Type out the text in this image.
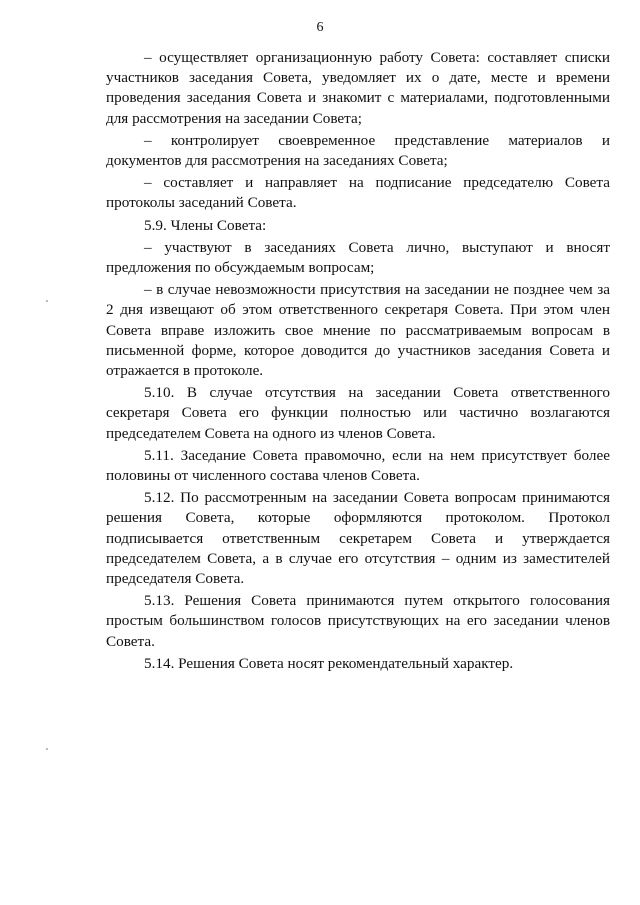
6

– осуществляет организационную работу Совета: составляет списки участников заседания Совета, уведомляет их о дате, месте и времени проведения заседания Совета и знакомит с материалами, подготовленными для рассмотрения на заседании Совета;

– контролирует своевременное представление материалов и документов для рассмотрения на заседаниях Совета;

– составляет и направляет на подписание председателю Совета протоколы заседаний Совета.

5.9. Члены Совета:

– участвуют в заседаниях Совета лично, выступают и вносят предложения по обсуждаемым вопросам;

– в случае невозможности присутствия на заседании не позднее чем за 2 дня извещают об этом ответственного секретаря Совета. При этом член Совета вправе изложить свое мнение по рассматриваемым вопросам в письменной форме, которое доводится до участников заседания Совета и отражается в протоколе.

5.10. В случае отсутствия на заседании Совета ответственного секретаря Совета его функции полностью или частично возлагаются председателем Совета на одного из членов Совета.

5.11. Заседание Совета правомочно, если на нем присутствует более половины от численного состава членов Совета.

5.12. По рассмотренным на заседании Совета вопросам принимаются решения Совета, которые оформляются протоколом. Протокол подписывается ответственным секретарем Совета и утверждается председателем Совета, а в случае его отсутствия – одним из заместителей председателя Совета.

5.13. Решения Совета принимаются путем открытого голосования простым большинством голосов присутствующих на его заседании членов Совета.

5.14. Решения Совета носят рекомендательный характер.
